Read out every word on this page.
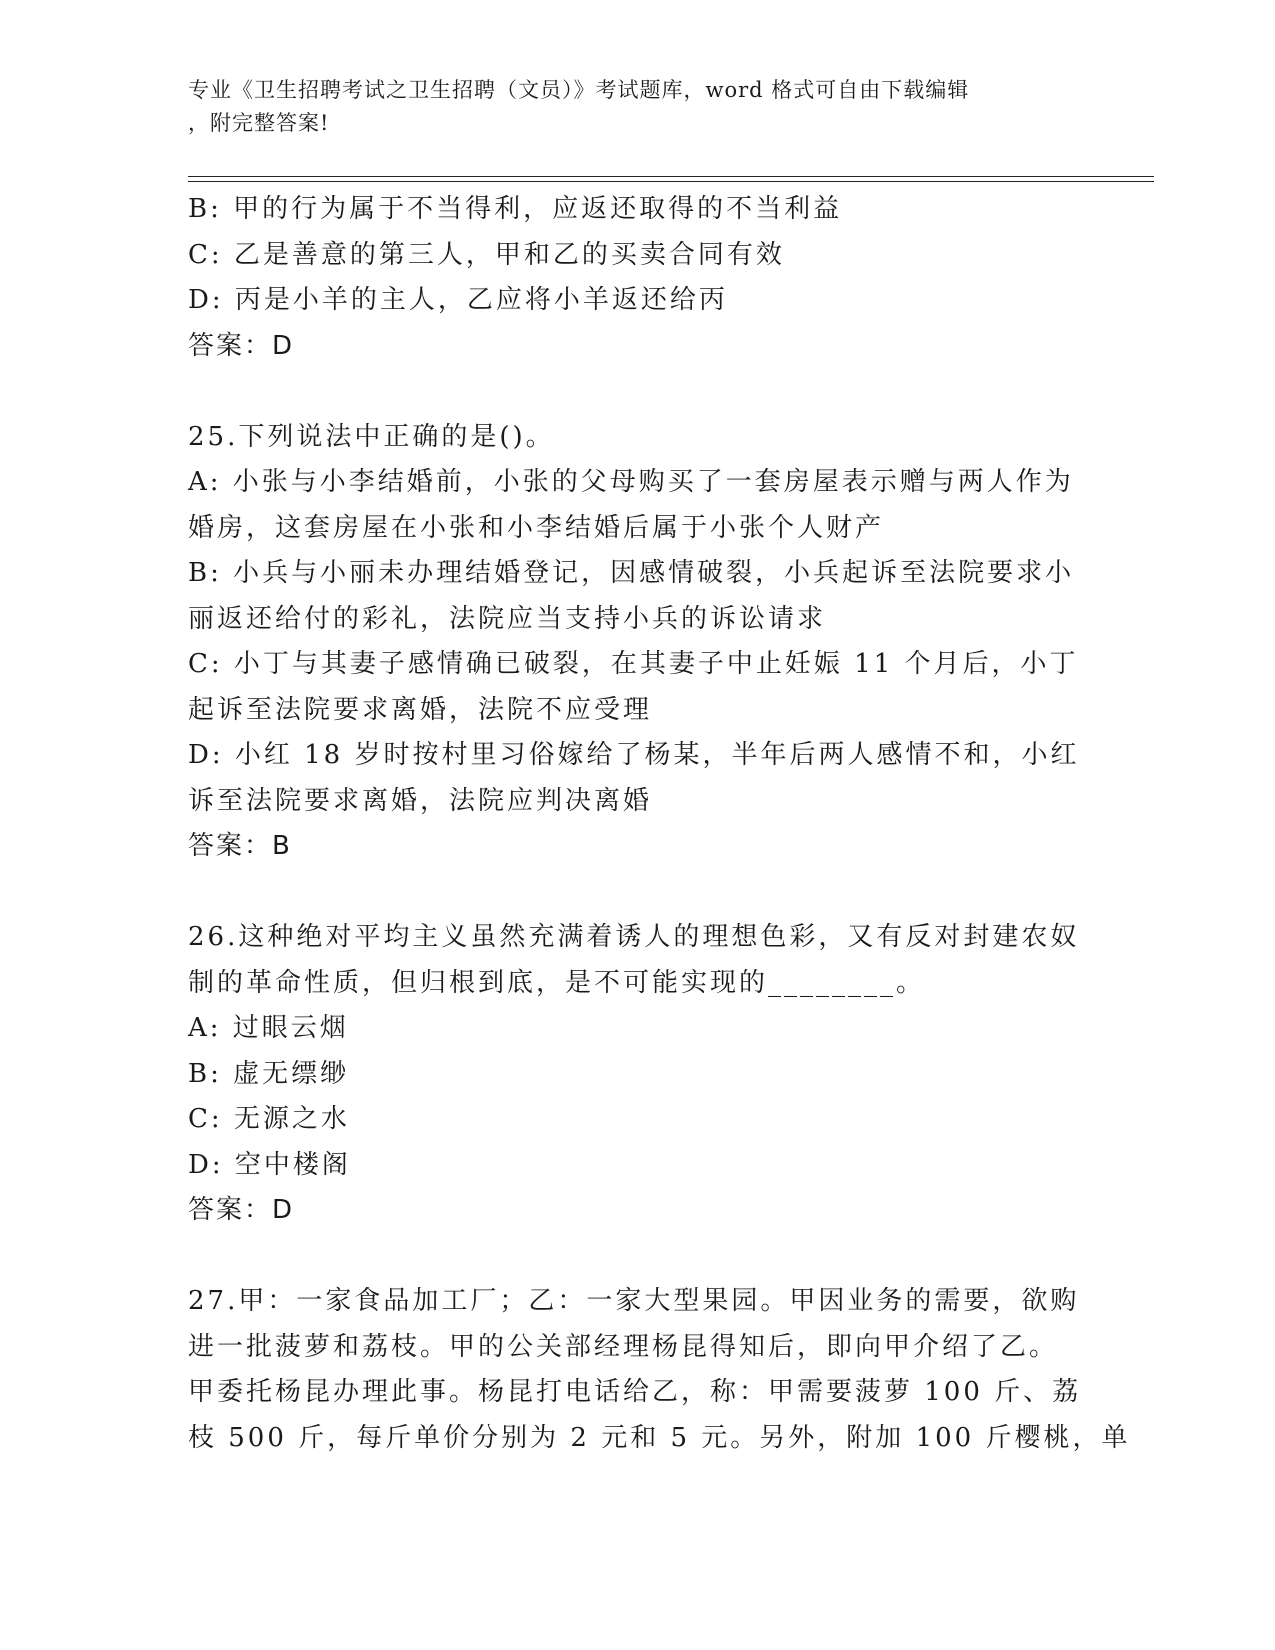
专业《卫生招聘考试之卫生招聘（文员）》考试题库，word 格式可自由下载编辑
，附完整答案!
B: 甲的行为属于不当得利，应返还取得的不当利益
C: 乙是善意的第三人，甲和乙的买卖合同有效
D: 丙是小羊的主人，乙应将小羊返还给丙
答案：D
25.下列说法中正确的是()。
A: 小张与小李结婚前，小张的父母购买了一套房屋表示赠与两人作为
婚房，这套房屋在小张和小李结婚后属于小张个人财产
B: 小兵与小丽未办理结婚登记，因感情破裂，小兵起诉至法院要求小
丽返还给付的彩礼，法院应当支持小兵的诉讼请求
C: 小丁与其妻子感情确已破裂，在其妻子中止妊娠 11 个月后，小丁
起诉至法院要求离婚，法院不应受理
D: 小红 18 岁时按村里习俗嫁给了杨某，半年后两人感情不和，小红
诉至法院要求离婚，法院应判决离婚
答案：B
26.这种绝对平均主义虽然充满着诱人的理想色彩，又有反对封建农奴
制的革命性质，但归根到底，是不可能实现的________。
A: 过眼云烟
B: 虚无缥缈
C: 无源之水
D: 空中楼阁
答案：D
27.甲：一家食品加工厂；乙：一家大型果园。甲因业务的需要，欲购
进一批菠萝和荔枝。甲的公关部经理杨昆得知后，即向甲介绍了乙。
甲委托杨昆办理此事。杨昆打电话给乙，称：甲需要菠萝 100 斤、荔
枝 500 斤，每斤单价分别为 2 元和 5 元。另外，附加 100 斤樱桃，单
